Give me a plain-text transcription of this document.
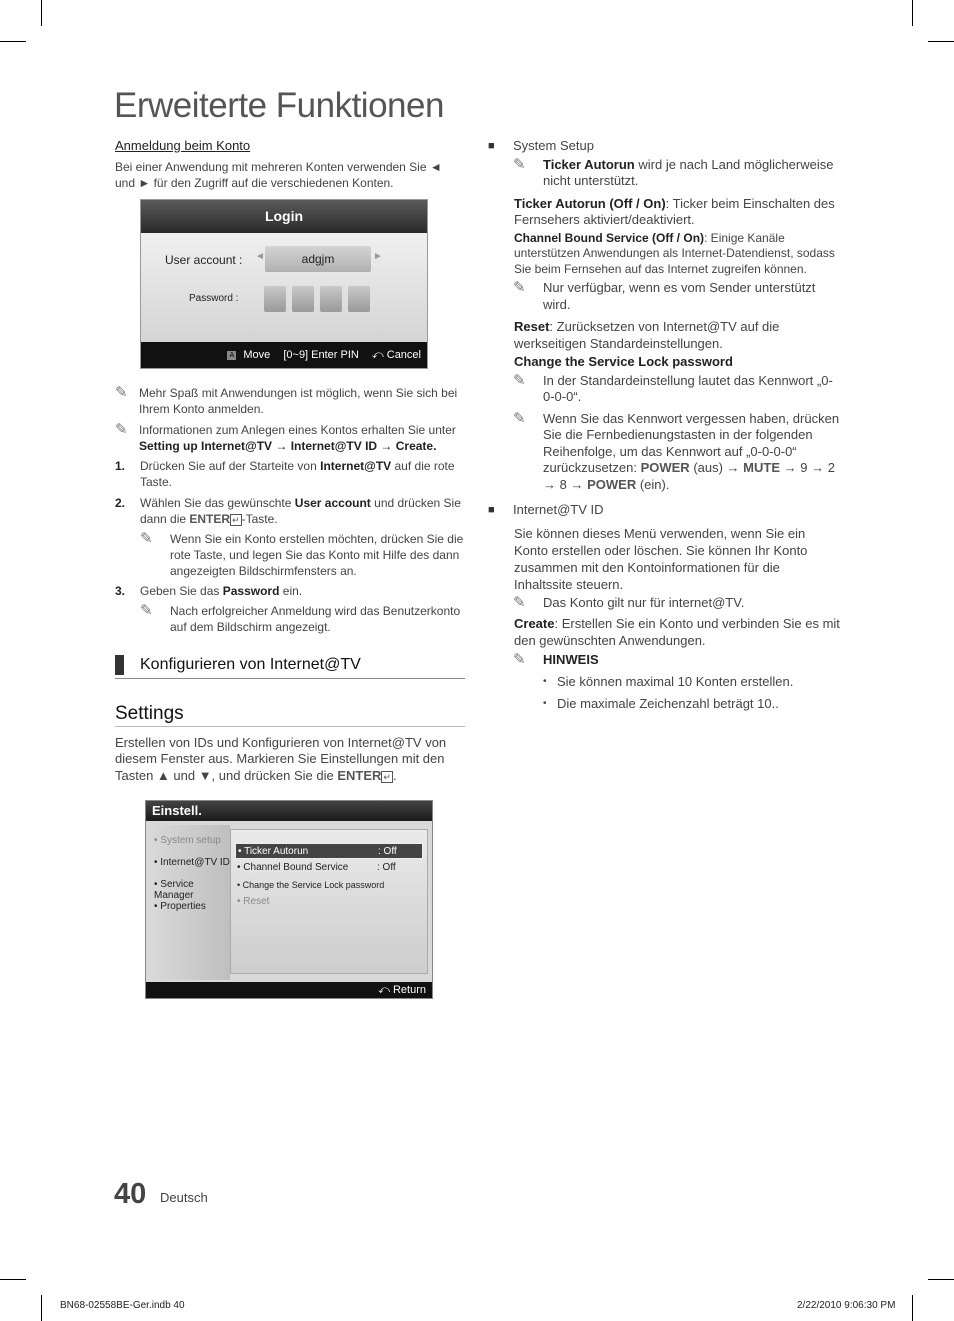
Erweiterte Funktionen
Anmeldung beim Konto
Bei einer Anwendung mit mehreren Konten verwenden Sie ◄ und ► für den Zugriff auf die verschiedenen Konten.
Login
User account : ◄	adgjm	►
Password :
A Move [0~9] Enter PIN ⤺ Cancel
✎ Mehr Spaß mit Anwendungen ist möglich, wenn Sie sich bei Ihrem Konto anmelden.
✎ Informationen zum Anlegen eines Kontos erhalten Sie unter Setting up Internet@TV → Internet@TV ID → Create.
1.	Drücken Sie auf der Starteite von Internet@TV auf die rote Taste.
2.	Wählen Sie das gewünschte User account und drücken Sie dann die ENTER ↵ -Taste.
✎	Wenn Sie ein Konto erstellen möchten, drücken Sie die rote Taste, und legen Sie das Konto mit Hilfe des dann angezeigten Bildschirmfensters an.
3.	Geben Sie das Password ein.
✎	Nach erfolgreicher Anmeldung wird das Benutzerkonto auf dem Bildschirm angezeigt.
Konfigurieren von Internet@TV
Settings
Erstellen von IDs und Konfigurieren von Internet@TV von diesem Fenster aus. Markieren Sie Einstellungen mit den Tasten ▲ und ▼, und drücken Sie die ENTER ↵ .
Einstell.
• System setup
• Internet@TV ID
• Service Manager
• Properties
• Ticker Autorun	: Off
• Channel Bound Service	: Off
• Change the Service Lock password
• Reset
⤺ Return
■	System Setup
✎	Ticker Autorun wird je nach Land möglicherweise nicht unterstützt.
Ticker Autorun (Off / On): Ticker beim Einschalten des Fernsehers aktiviert/deaktiviert.
Channel Bound Service (Off / On): Einige Kanäle unterstützen Anwendungen als Internet-Datendienst, sodass Sie beim Fernsehen auf das Internet zugreifen können.
✎	Nur verfügbar, wenn es vom Sender unterstützt wird.
Reset: Zurücksetzen von Internet@TV auf die werkseitigen Standardeinstellungen.
Change the Service Lock password
✎	In der Standardeinstellung lautet das Kennwort „0-0-0-0“.
✎	Wenn Sie das Kennwort vergessen haben, drücken Sie die Fernbedienungstasten in der folgenden Reihenfolge, um das Kennwort auf „0-0-0-0“ zurückzusetzen: POWER (aus) → MUTE → 9 → 2 → 8 → POWER (ein).
■	Internet@TV ID
Sie können dieses Menü verwenden, wenn Sie ein Konto erstellen oder löschen. Sie können Ihr Konto zusammen mit den Kontoinformationen für die Inhaltssite steuern.
✎	Das Konto gilt nur für internet@TV.
Create: Erstellen Sie ein Konto und verbinden Sie es mit den gewünschten Anwendungen.
✎	HINWEIS
• Sie können maximal 10 Konten erstellen.
• Die maximale Zeichenzahl beträgt 10..
40 Deutsch
BN68-02558BE-Ger.indb 40	2/22/2010 9:06:30 PM
